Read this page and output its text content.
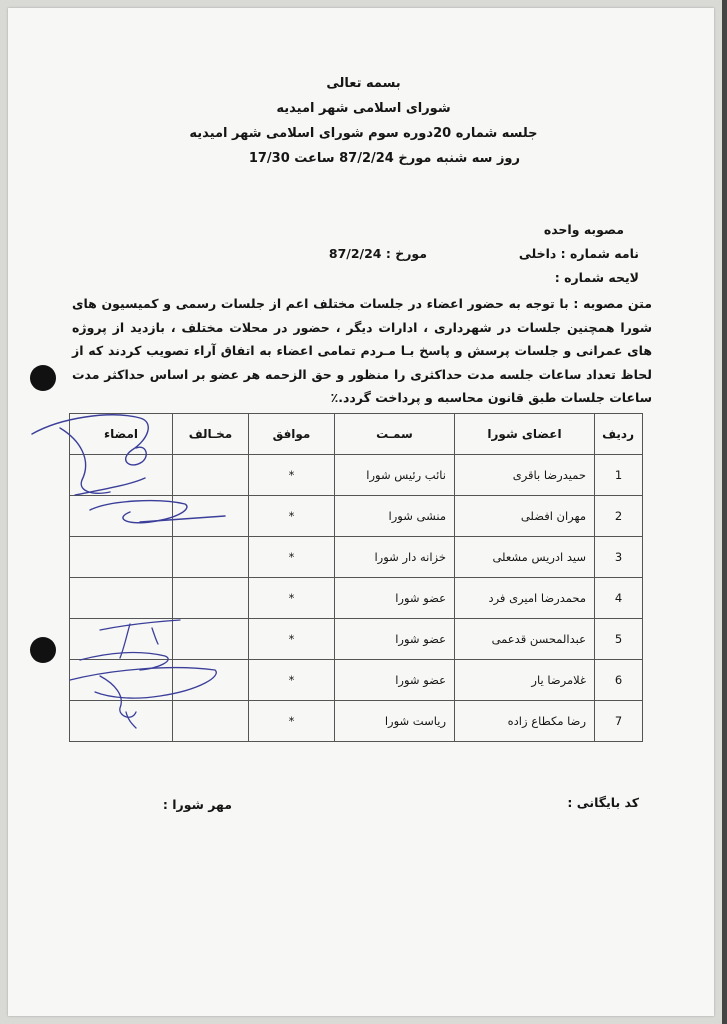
بسمه تعالی
شورای اسلامی شهر امیدیه
جلسه شماره 20دوره سوم شورای اسلامی شهر امیدیه
روز سه شنبه مورخ 87/2/24 ساعت 17/30
مصوبه واحده
نامه شماره : داخلی
مورخ : 87/2/24
لایحه شماره :
متن مصوبه : با توجه به حضور اعضاء در جلسات مختلف اعم از جلسات رسمی و کمیسیون های شورا همچنین جلسات در شهرداری ، ادارات دیگر ، حضور در محلات مختلف ، بازدید از پروژه های عمرانی و جلسات پرسش و پاسخ بـا مـردم تمامی اعضاء به اتفاق آراء تصویب کردند که از لحاظ تعداد ساعات جلسه مدت حداکثری را منظور و حق الزحمه هر عضو بر اساس حداکثر مدت ساعات جلسات طبق قانون محاسبه و پرداخت گردد.٪
ردیف	اعضای شورا	سمـت	موافق	مخـالف	امضاء
1	حمیدرضا باقری	نائب رئیس شورا	*		
2	مهران افضلی	منشی شورا	*		
3	سید ادریس مشعلی	خزانه دار شورا	*		
4	محمدرضا امیری فرد	عضو شورا	*		
5	عبدالمحسن قدعمی	عضو شورا	*		
6	غلامرضا یار	عضو شورا	*		
7	رضا مکطاع زاده	ریاست شورا	*		
کد بایگانی :
مهر شورا :
